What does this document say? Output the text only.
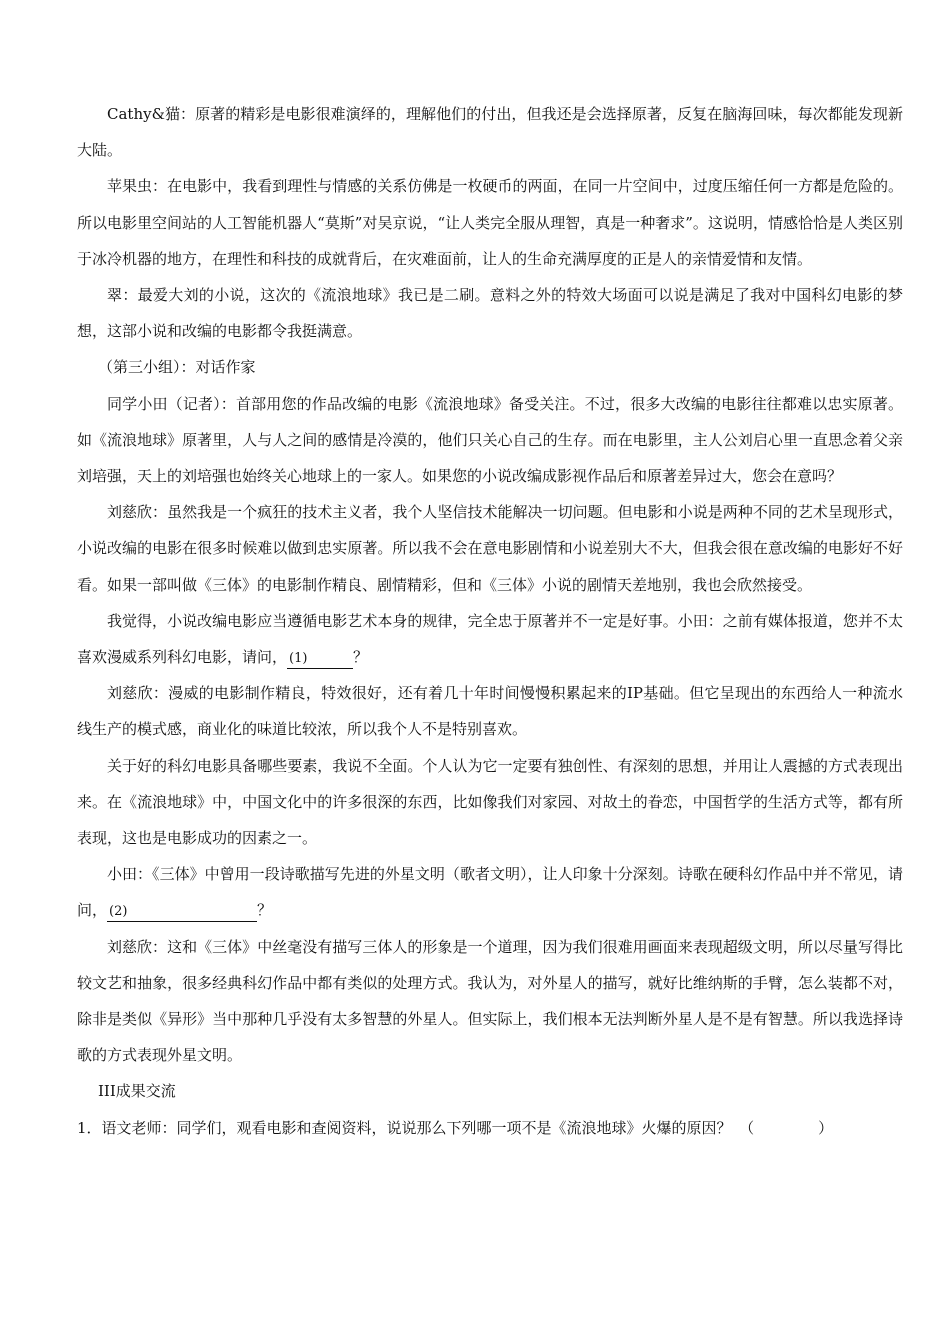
Cathy&猫：原著的精彩是电影很难演绎的，理解他们的付出，但我还是会选择原著，反复在脑海回味，每次都能发现新大陆。

苹果虫：在电影中，我看到理性与情感的关系仿佛是一枚硬币的两面，在同一片空间中，过度压缩任何一方都是危险的。所以电影里空间站的人工智能机器人“莫斯”对吴京说，“让人类完全服从理智，真是一种奢求”。这说明，情感恰恰是人类区别于冰冷机器的地方，在理性和科技的成就背后，在灾难面前，让人的生命充满厚度的正是人的亲情爱情和友情。

翠：最爱大刘的小说，这次的《流浪地球》我已是二刷。意料之外的特效大场面可以说是满足了我对中国科幻电影的梦想，这部小说和改编的电影都令我挺满意。

（第三小组）：对话作家

同学小田（记者）：首部用您的作品改编的电影《流浪地球》备受关注。不过，很多大改编的电影往往都难以忠实原著。如《流浪地球》原著里，人与人之间的感情是冷漠的，他们只关心自己的生存。而在电影里，主人公刘启心里一直思念着父亲刘培强，天上的刘培强也始终关心地球上的一家人。如果您的小说改编成影视作品后和原著差异过大，您会在意吗？

刘慈欣：虽然我是一个疯狂的技术主义者，我个人坚信技术能解决一切问题。但电影和小说是两种不同的艺术呈现形式，小说改编的电影在很多时候难以做到忠实原著。所以我不会在意电影剧情和小说差别大不大，但我会很在意改编的电影好不好看。如果一部叫做《三体》的电影制作精良、剧情精彩，但和《三体》小说的剧情天差地别，我也会欣然接受。

我觉得，小说改编电影应当遵循电影艺术本身的规律，完全忠于原著并不一定是好事。小田：之前有媒体报道，您并不太喜欢漫威系列科幻电影，请问， (1)	？

刘慈欣：漫威的电影制作精良，特效很好，还有着几十年时间慢慢积累起来的IP基础。但它呈现出的东西给人一种流水线生产的模式感，商业化的味道比较浓，所以我个人不是特别喜欢。

关于好的科幻电影具备哪些要素，我说不全面。个人认为它一定要有独创性、有深刻的思想，并用让人震撼的方式表现出来。在《流浪地球》中，中国文化中的许多很深的东西，比如像我们对家园、对故土的眷恋，中国哲学的生活方式等，都有所表现，这也是电影成功的因素之一。

小田：《三体》中曾用一段诗歌描写先进的外星文明（歌者文明），让人印象十分深刻。诗歌在硬科幻作品中并不常见，请问， (2)	？

刘慈欣：这和《三体》中丝毫没有描写三体人的形象是一个道理，因为我们很难用画面来表现超级文明，所以尽量写得比较文艺和抽象，很多经典科幻作品中都有类似的处理方式。我认为，对外星人的描写，就好比维纳斯的手臂，怎么装都不对，除非是类似《异形》当中那种几乎没有太多智慧的外星人。但实际上，我们根本无法判断外星人是不是有智慧。所以我选择诗歌的方式表现外星文明。

III成果交流

1．语文老师：同学们，观看电影和查阅资料，说说那么下列哪一项不是《流浪地球》火爆的原因？　 （	）
